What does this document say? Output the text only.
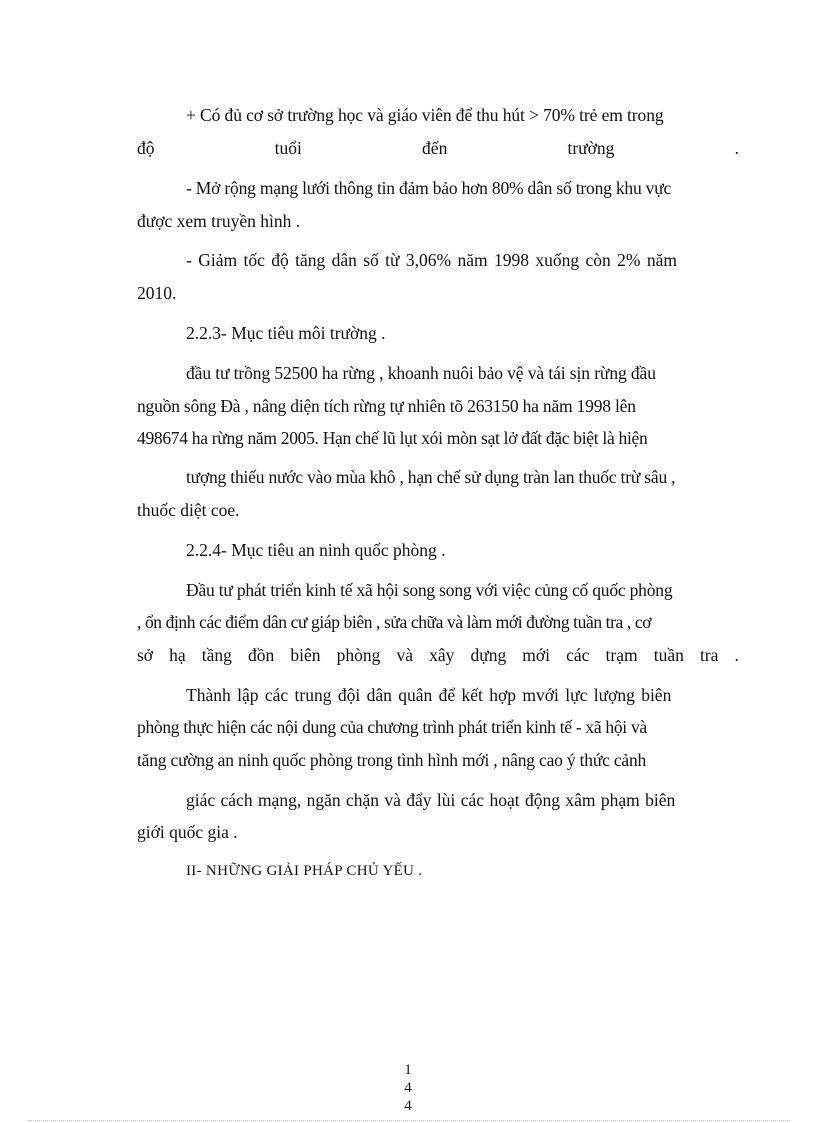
+ Có đủ cơ sở trường học và giáo viên để thu hút > 70% trẻ em trong
độ	tuổi	đến	trường	.
- Mở rộng mạng lưới thông tin đảm bảo hơn 80% dân số trong khu vực
được xem truyền hình .
- Giảm tốc độ tăng dân số từ 3,06% năm 1998 xuống còn 2% năm
2010.
2.2.3- Mục tiêu môi trường .
đầu tư trồng 52500 ha rừng , khoanh nuôi bảo vệ và tái sịn rừng đầu
nguồn sông Đà , nâng diện tích rừng tự nhiên tõ 263150 ha năm 1998 lên
498674 ha rừng năm 2005. Hạn chế lũ lụt xói mòn sạt lở đất đặc biệt là hiện
tượng thiếu nước vào mùa khô , hạn chế sử dụng tràn lan thuốc trừ sâu ,
thuốc diệt coe.
2.2.4- Mục tiêu an ninh quốc phòng .
Đầu tư phát triển kinh tế xã hội song song với việc củng cố quốc phòng
, ổn định các điểm dân cư giáp biên , sửa chữa và làm mới đường tuần tra , cơ
sở hạ tầng đồn biên phòng và xây dựng mới các trạm tuần tra .
Thành lập các trung đội dân quân để kết hợp mvới lực lượng biên
phòng thực hiện các nội dung của chương trình phát triển kinh tế - xã hội và
tăng cường an ninh quốc phòng trong tình hình mới , nâng cao ý thức cảnh
giác cách mạng, ngăn chặn và đẩy lùi các hoạt động xâm phạm biên
giới quốc gia .
II- NHỮNG GIẢI PHÁP CHỦ YẾU .
1
4
4
